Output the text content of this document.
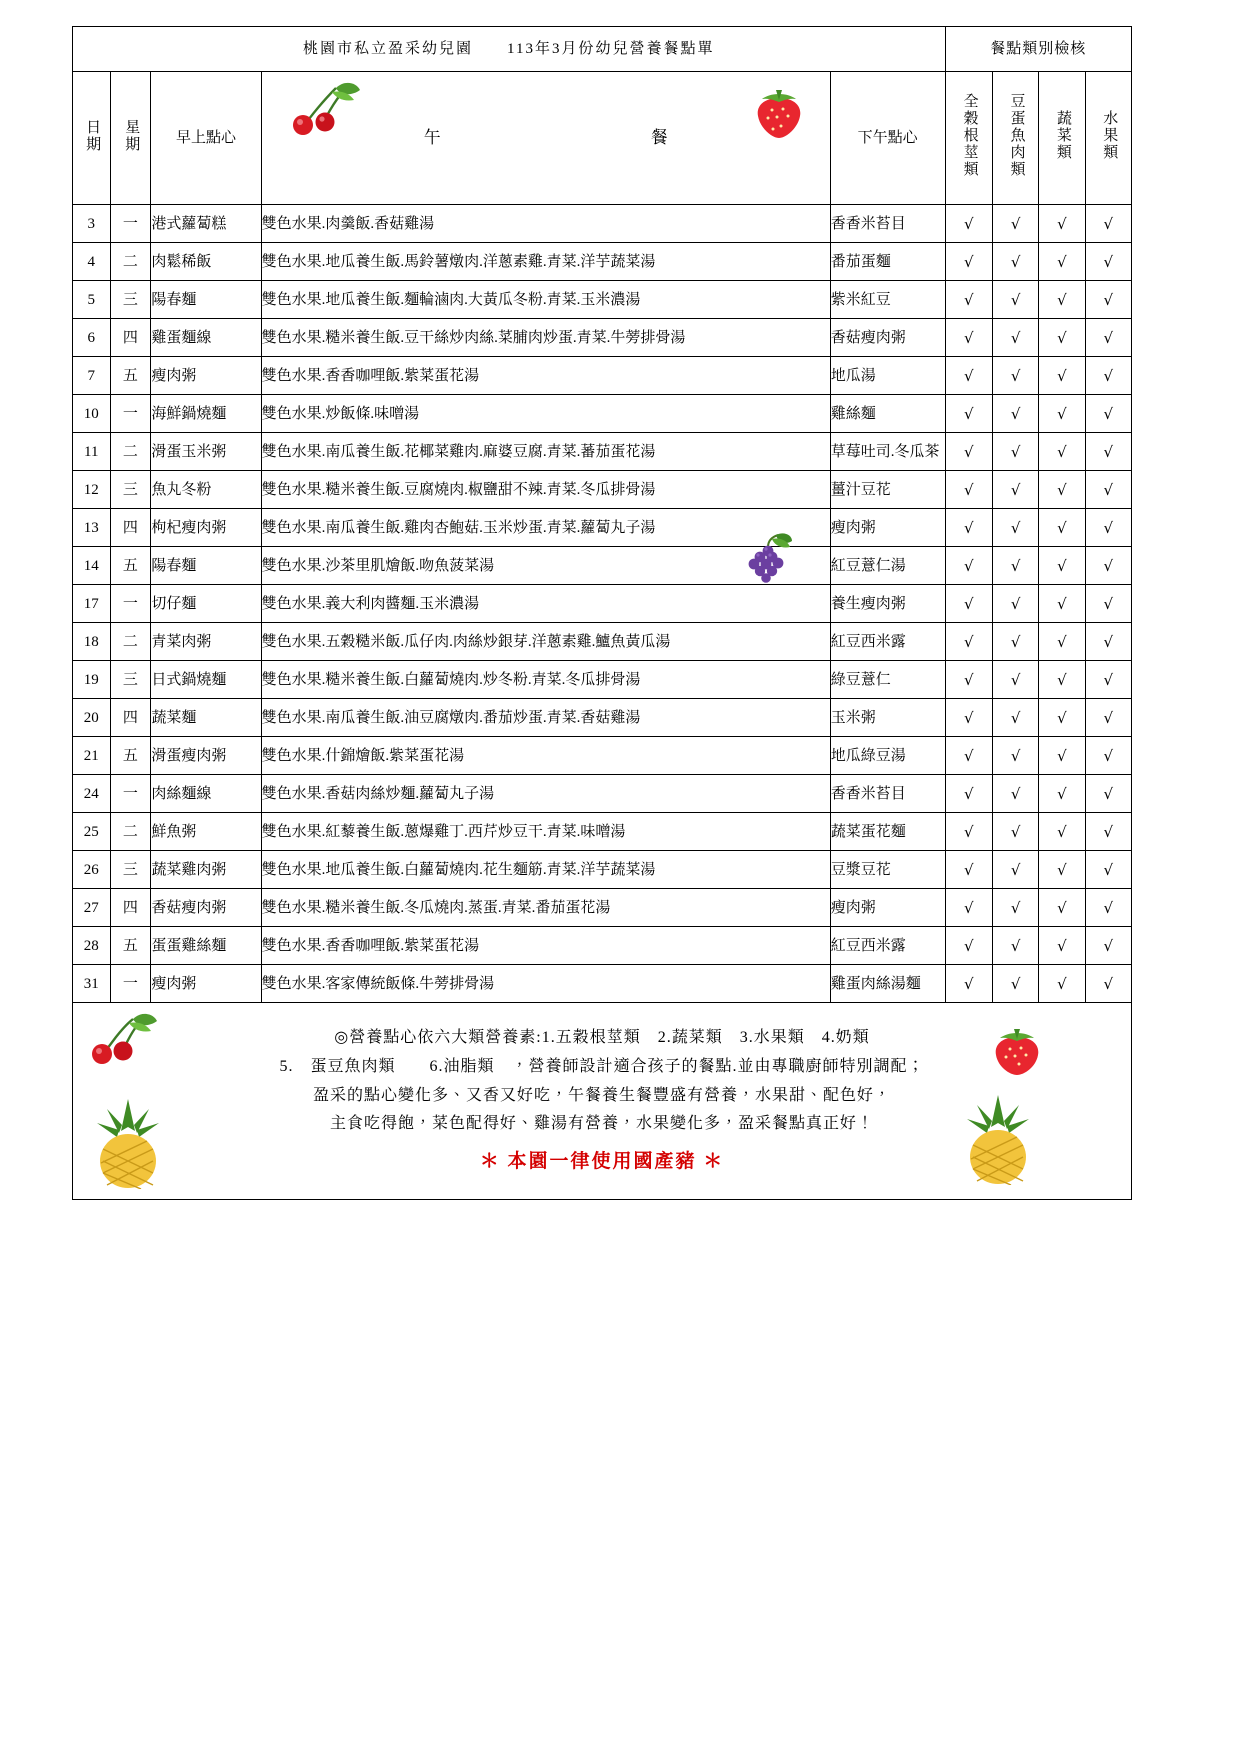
桃園市私立盈采幼兒園 113年3月份幼兒營養餐點單					餐點類別檢核			
日期	星期	早上點心	午 餐	下午點心	全穀根莖類	豆蛋魚肉類	蔬菜類	水果類
3	一	港式蘿蔔糕	雙色水果.肉羹飯.香菇雞湯	香香米苔目	√	√	√	√
4	二	肉鬆稀飯	雙色水果.地瓜養生飯.馬鈴薯燉肉.洋蔥素雞.青菜.洋芋蔬菜湯	番茄蛋麵	√	√	√	√
5	三	陽春麵	雙色水果.地瓜養生飯.麵輪滷肉.大黃瓜冬粉.青菜.玉米濃湯	紫米紅豆	√	√	√	√
6	四	雞蛋麵線	雙色水果.糙米養生飯.豆干絲炒肉絲.菜脯肉炒蛋.青菜.牛蒡排骨湯	香菇瘦肉粥	√	√	√	√
7	五	瘦肉粥	雙色水果.香香咖哩飯.紫菜蛋花湯	地瓜湯	√	√	√	√
10	一	海鮮鍋燒麵	雙色水果.炒飯條.味噌湯	雞絲麵	√	√	√	√
11	二	滑蛋玉米粥	雙色水果.南瓜養生飯.花椰菜雞肉.麻婆豆腐.青菜.蕃茄蛋花湯	草莓吐司.冬瓜茶	√	√	√	√
12	三	魚丸冬粉	雙色水果.糙米養生飯.豆腐燒肉.椒鹽甜不辣.青菜.冬瓜排骨湯	薑汁豆花	√	√	√	√
13	四	枸杞瘦肉粥	雙色水果.南瓜養生飯.雞肉杏鮑菇.玉米炒蛋.青菜.蘿蔔丸子湯	瘦肉粥	√	√	√	√
14	五	陽春麵	雙色水果.沙茶里肌燴飯.吻魚菠菜湯	紅豆薏仁湯	√	√	√	√
17	一	切仔麵	雙色水果.義大利肉醬麵.玉米濃湯	養生瘦肉粥	√	√	√	√
18	二	青菜肉粥	雙色水果.五穀糙米飯.瓜仔肉.肉絲炒銀芽.洋蔥素雞.鱸魚黃瓜湯	紅豆西米露	√	√	√	√
19	三	日式鍋燒麵	雙色水果.糙米養生飯.白蘿蔔燒肉.炒冬粉.青菜.冬瓜排骨湯	綠豆薏仁	√	√	√	√
20	四	蔬菜麵	雙色水果.南瓜養生飯.油豆腐燉肉.番茄炒蛋.青菜.香菇雞湯	玉米粥	√	√	√	√
21	五	滑蛋瘦肉粥	雙色水果.什錦燴飯.紫菜蛋花湯	地瓜綠豆湯	√	√	√	√
24	一	肉絲麵線	雙色水果.香菇肉絲炒麵.蘿蔔丸子湯	香香米苔目	√	√	√	√
25	二	鮮魚粥	雙色水果.紅藜養生飯.蔥爆雞丁.西芹炒豆干.青菜.味噌湯	蔬菜蛋花麵	√	√	√	√
26	三	蔬菜雞肉粥	雙色水果.地瓜養生飯.白蘿蔔燒肉.花生麵筋.青菜.洋芋蔬菜湯	豆漿豆花	√	√	√	√
27	四	香菇瘦肉粥	雙色水果.糙米養生飯.冬瓜燒肉.蒸蛋.青菜.番茄蛋花湯	瘦肉粥	√	√	√	√
28	五	蛋蛋雞絲麵	雙色水果.香香咖哩飯.紫菜蛋花湯	紅豆西米露	√	√	√	√
31	一	瘦肉粥	雙色水果.客家傳統飯條.牛蒡排骨湯	雞蛋肉絲湯麵	√	√	√	√

◎營養點心依六大類營養素:1.五穀根莖類　2.蔬菜類　3.水果類　4.奶類
5.　蛋豆魚肉類　　6.油脂類　，營養師設計適合孩子的餐點.並由專職廚師特別調配；
盈采的點心變化多、又香又好吃，午餐養生餐豐盛有營養，水果甜、配色好，
主食吃得飽，菜色配得好、雞湯有營養，水果變化多，盈采餐點真正好！
＊ 本園一律使用國產豬 ＊								
